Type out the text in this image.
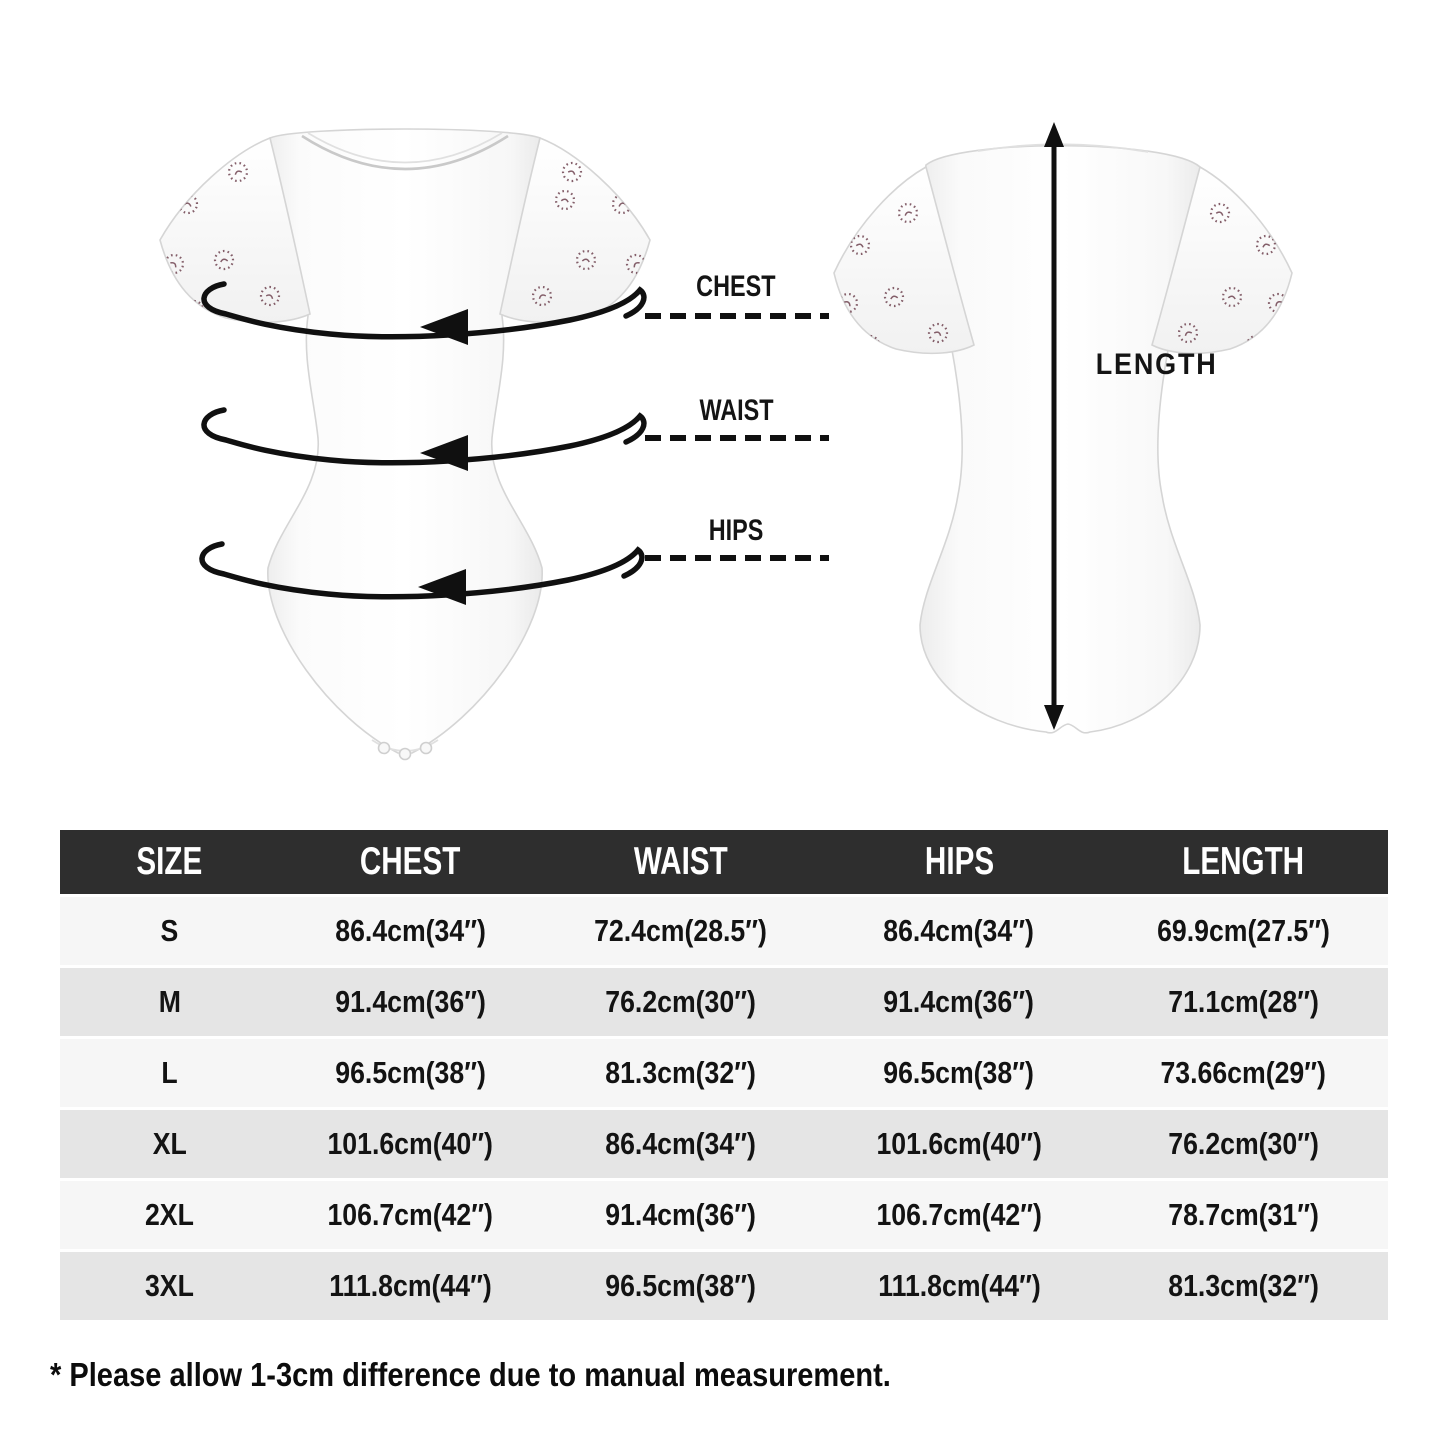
CHEST
WAIST
HIPS
LENGTH
SIZE	CHEST	WAIST	HIPS	LENGTH
S	86.4cm(34″)	72.4cm(28.5″)	86.4cm(34″)	69.9cm(27.5″)
M	91.4cm(36″)	76.2cm(30″)	91.4cm(36″)	71.1cm(28″)
L	96.5cm(38″)	81.3cm(32″)	96.5cm(38″)	73.66cm(29″)
XL	101.6cm(40″)	86.4cm(34″)	101.6cm(40″)	76.2cm(30″)
2XL	106.7cm(42″)	91.4cm(36″)	106.7cm(42″)	78.7cm(31″)
3XL	111.8cm(44″)	96.5cm(38″)	111.8cm(44″)	81.3cm(32″)
* Please allow 1-3cm difference due to manual measurement.
